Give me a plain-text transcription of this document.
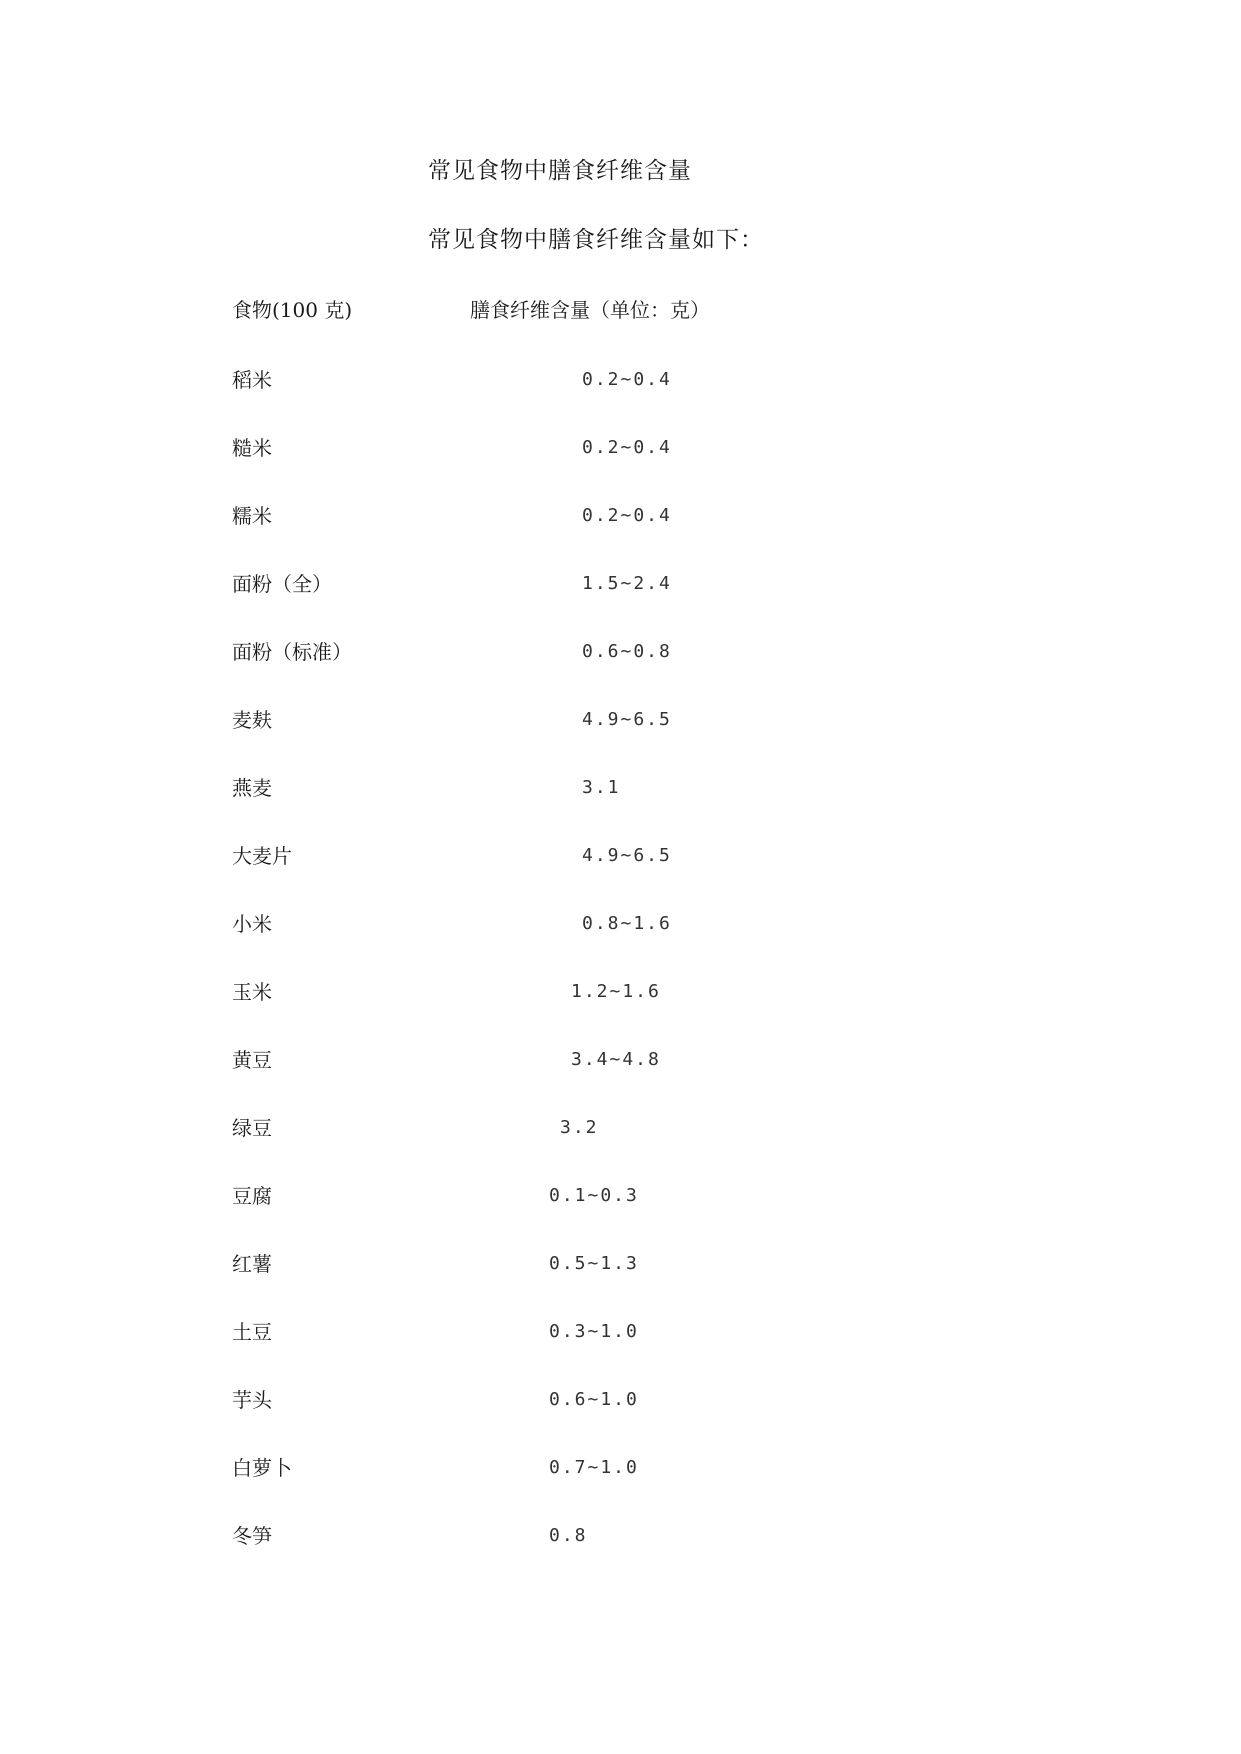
常见食物中膳食纤维含量
常见食物中膳食纤维含量如下：
食物(100 克)	膳食纤维含量（单位：克）
稻米	0.2~0.4
糙米	0.2~0.4
糯米	0.2~0.4
面粉（全）	1.5~2.4
面粉（标准）	0.6~0.8
麦麸	4.9~6.5
燕麦	3.1
大麦片	4.9~6.5
小米	0.8~1.6
玉米	1.2~1.6
黄豆	3.4~4.8
绿豆	3.2
豆腐	0.1~0.3
红薯	0.5~1.3
土豆	0.3~1.0
芋头	0.6~1.0
白萝卜	0.7~1.0
冬笋	0.8
